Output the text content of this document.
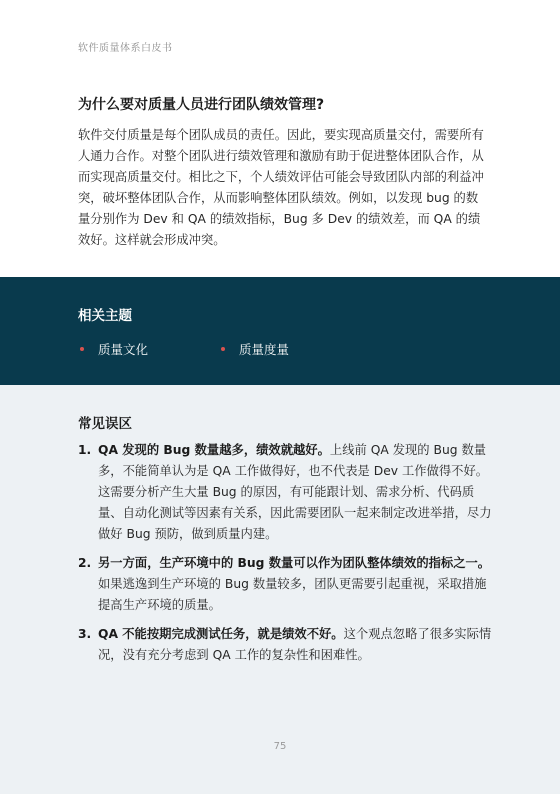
软件质量体系白皮书
为什么要对质量人员进行团队绩效管理?

软件交付质量是每个团队成员的责任。因此，要实现高质量交付，需要所有人通力合作。对整个团队进行绩效管理和激励有助于促进整体团队合作，从而实现高质量交付。相比之下，个人绩效评估可能会导致团队内部的利益冲突，破坏整体团队合作，从而影响整体团队绩效。例如，以发现 bug 的数量分别作为 Dev 和 QA 的绩效指标，Bug 多 Dev 的绩效差，而 QA 的绩效好。这样就会形成冲突。

相关主题
质量文化	质量度量
常见误区
1. QA 发现的 Bug 数量越多，绩效就越好。上线前 QA 发现的 Bug 数量多，不能简单认为是 QA 工作做得好，也不代表是 Dev 工作做得不好。这需要分析产生大量 Bug 的原因，有可能跟计划、需求分析、代码质量、自动化测试等因素有关系，因此需要团队一起来制定改进举措，尽力做好 Bug 预防，做到质量内建。
2. 另一方面，生产环境中的 Bug 数量可以作为团队整体绩效的指标之一。如果逃逸到生产环境的 Bug 数量较多，团队更需要引起重视，采取措施提高生产环境的质量。
3. QA 不能按期完成测试任务，就是绩效不好。这个观点忽略了很多实际情况，没有充分考虑到 QA 工作的复杂性和困难性。
75
